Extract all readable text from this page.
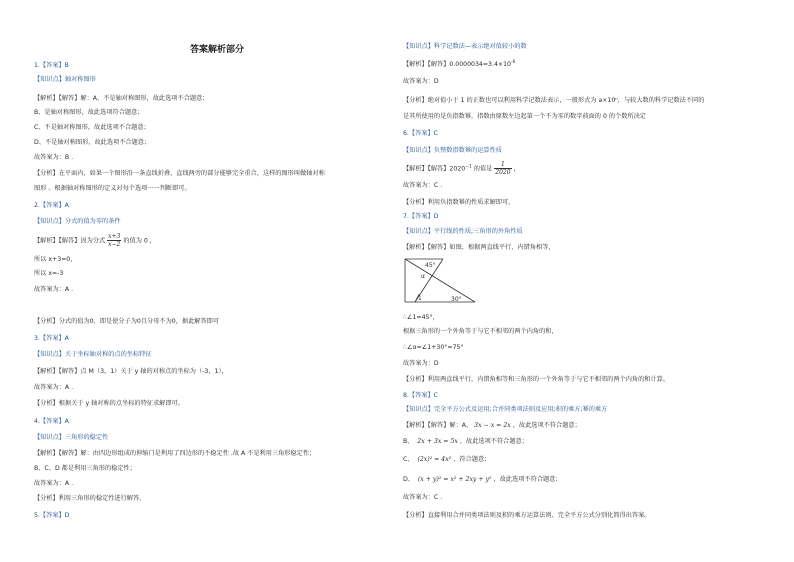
答案解析部分
1.【答案】B
【知识点】轴对称图形
【解析】【解答】解：A、不是轴对称图形，故此选项不合题意；
B、是轴对称图形，故此选项符合题意；
C、不是轴对称图形，故此选项不合题意；
D、不是轴对称图形，故此选项不合题意；
故答案为：B .
【分析】在平面内，如果一个图形沿一条直线折叠，直线两旁的部分能够完全重合，这样的图形叫做轴对称
图形 。根据轴对称图形的定义对每个选项一一判断即可。
2.【答案】A
【知识点】分式的值为零的条件
【解析】【解答】因为分式 $\frac{x+3}{x-2}$ 的值为 0 ，
所以 x+3=0，
所以 x=-3
故答案为：A .
【分析】分式的值为0，即是使分子为0且分母不为0，据此解答即可
3.【答案】A
【知识点】关于坐标轴对称的点的坐标特征
【解析】【解答】点 M（3，1）关于 y 轴的对称点的坐标为（-3，1），
故答案为：A .
【分析】根据关于 y 轴对称的点坐标的特征求解即可。
4.【答案】A
【知识点】三角形的稳定性
【解析】【解答】解：由四边形组成的伸缩门是利用了四边形的不稳定性 .故 A 不是利用三角形稳定性；
B、C、D 都是利用三角形的稳定性；
故答案为：A .
【分析】利用三角形的稳定性进行解答。
5.【答案】D
【知识点】科学记数法—表示绝对值较小的数
【解析】【解答】$0.0000034=3.4\times 10^{-6}$
故答案为：D
【分析】绝对值小于 1 的正数也可以利用科学记数法表示，一般形式为 a×10ⁿ，与较大数的科学记数法不同的
是其所使用的是负指数幂，指数由原数左边起第一个不为零的数字前面的 0 的个数所决定
6.【答案】C
【知识点】负整数指数幂的运算性质
【解析】【解答】$2020^{-1}$ 的值是 $\frac{1}{2020}$ ，
故答案为：C .
【分析】利用负指数幂的性质求解即可。
7.【答案】D
【知识点】平行线的性质;三角形的外角性质
【解析】【解答】如图，根据两直线平行，内错角相等，
45°
α
1	30°
∴∠1=45°，
根据三角形的一个外角等于与它不相邻的两个内角的和，
∴∠α=∠1+30°=75°
故答案为：D
【分析】利用两直线平行，内错角相等和三角形的一个外角等于与它不相邻的两个内角的和计算。
8.【答案】C
【知识点】完全平方公式及运用;合并同类项法则及应用;积的乘方;幂的乘方
【解析】【解答】解：A、 3x − x = 2x ，故此选项不符合题意；
B、 2x + 3x = 5x ，故此选项不符合题意；
C、 (2x)² = 4x² ，符合题意；
D、 (x + y)² = x² + 2xy + y² ，故此选项不符合题意；
故答案为：C .
【分析】直接利用合并同类项法则及积的乘方运算法则、完全平方公式分别化简得出答案。
